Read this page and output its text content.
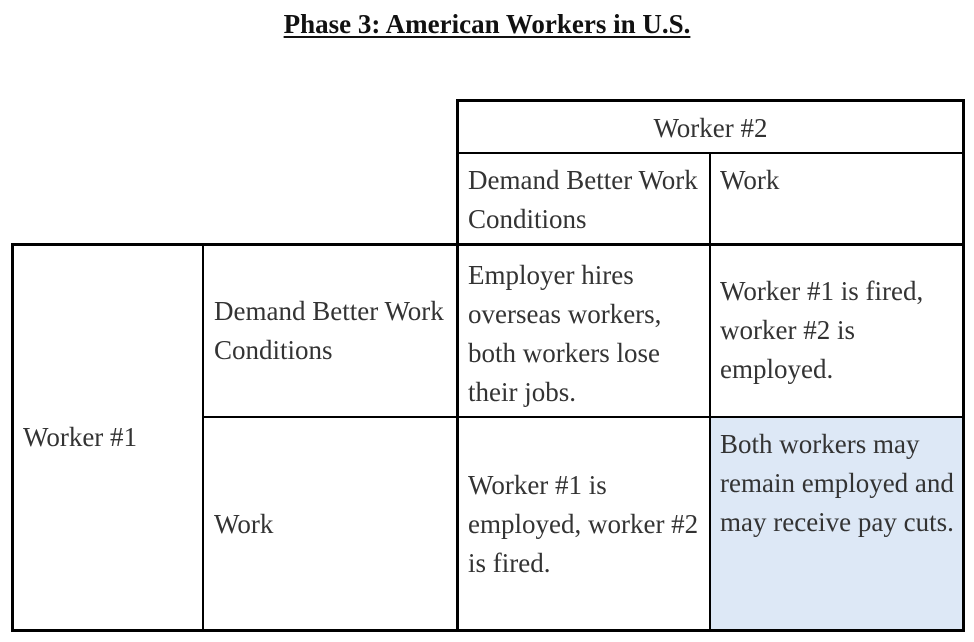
Phase 3: American Workers in U.S.
Worker #2
Demand Better Work Conditions
Work
Worker #1
Demand Better Work Conditions
Work
Employer hires overseas workers, both workers lose their jobs.
Worker #1 is fired, worker #2 is employed.
Worker #1 is employed, worker #2 is fired.
Both workers may remain employed and may receive pay cuts.
